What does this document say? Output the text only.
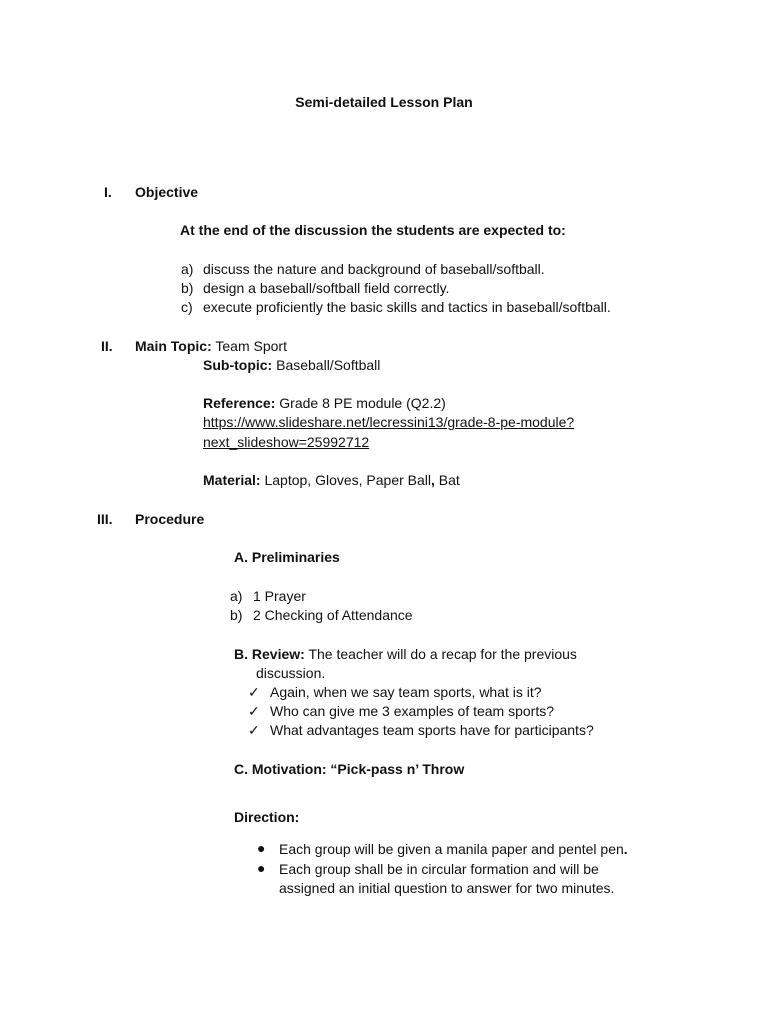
Semi-detailed Lesson Plan
I. Objective
At the end of the discussion the students are expected to:
a) discuss the nature and background of baseball/softball.
b) design a baseball/softball field correctly.
c) execute proficiently the basic skills and tactics in baseball/softball.
II. Main Topic: Team Sport
Sub-topic: Baseball/Softball
Reference: Grade 8 PE module (Q2.2)
https://www.slideshare.net/lecressini13/grade-8-pe-module?
next_slideshow=25992712
Material: Laptop, Gloves, Paper Ball, Bat
III. Procedure
A. Preliminaries
a) 1 Prayer
b) 2 Checking of Attendance
B. Review: The teacher will do a recap for the previous
discussion.
✓ Again, when we say team sports, what is it?
✓ Who can give me 3 examples of team sports?
✓ What advantages team sports have for participants?
C. Motivation: “Pick-pass n’ Throw
Direction:
● Each group will be given a manila paper and pentel pen.
● Each group shall be in circular formation and will be
assigned an initial question to answer for two minutes.
